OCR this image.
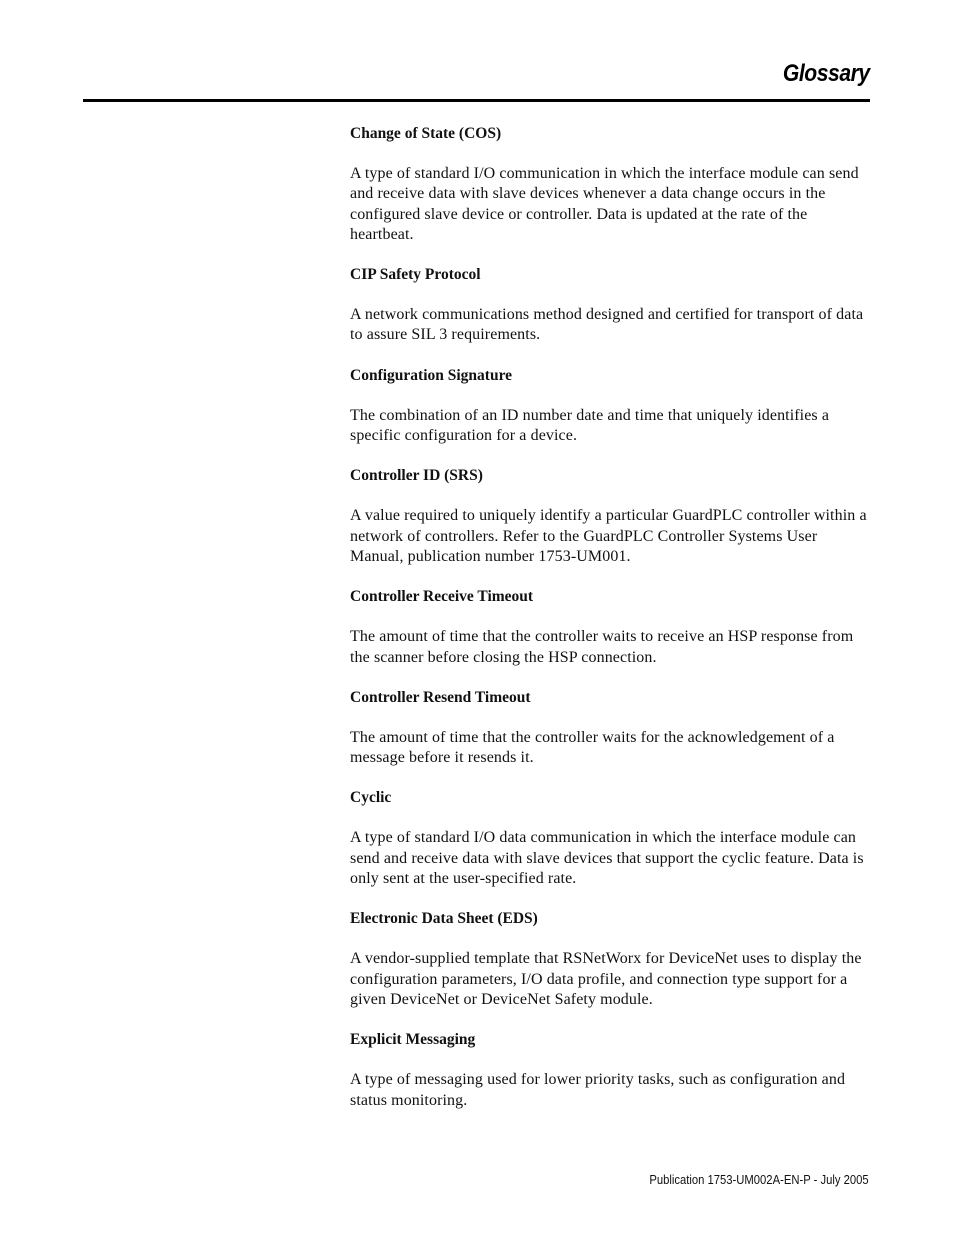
Glossary
Change of State (COS)
A type of standard I/O communication in which the interface module can send and receive data with slave devices whenever a data change occurs in the configured slave device or controller. Data is updated at the rate of the heartbeat.
CIP Safety Protocol
A network communications method designed and certified for transport of data to assure SIL 3 requirements.
Configuration Signature
The combination of an ID number date and time that uniquely identifies a specific configuration for a device.
Controller ID (SRS)
A value required to uniquely identify a particular GuardPLC controller within a network of controllers. Refer to the GuardPLC Controller Systems User Manual, publication number 1753-UM001.
Controller Receive Timeout
The amount of time that the controller waits to receive an HSP response from the scanner before closing the HSP connection.
Controller Resend Timeout
The amount of time that the controller waits for the acknowledgement of a message before it resends it.
Cyclic
A type of standard I/O data communication in which the interface module can send and receive data with slave devices that support the cyclic feature. Data is only sent at the user-specified rate.
Electronic Data Sheet (EDS)
A vendor-supplied template that RSNetWorx for DeviceNet uses to display the configuration parameters, I/O data profile, and connection type support for a given DeviceNet or DeviceNet Safety module.
Explicit Messaging
A type of messaging used for lower priority tasks, such as configuration and status monitoring.
Publication 1753-UM002A-EN-P - July 2005
